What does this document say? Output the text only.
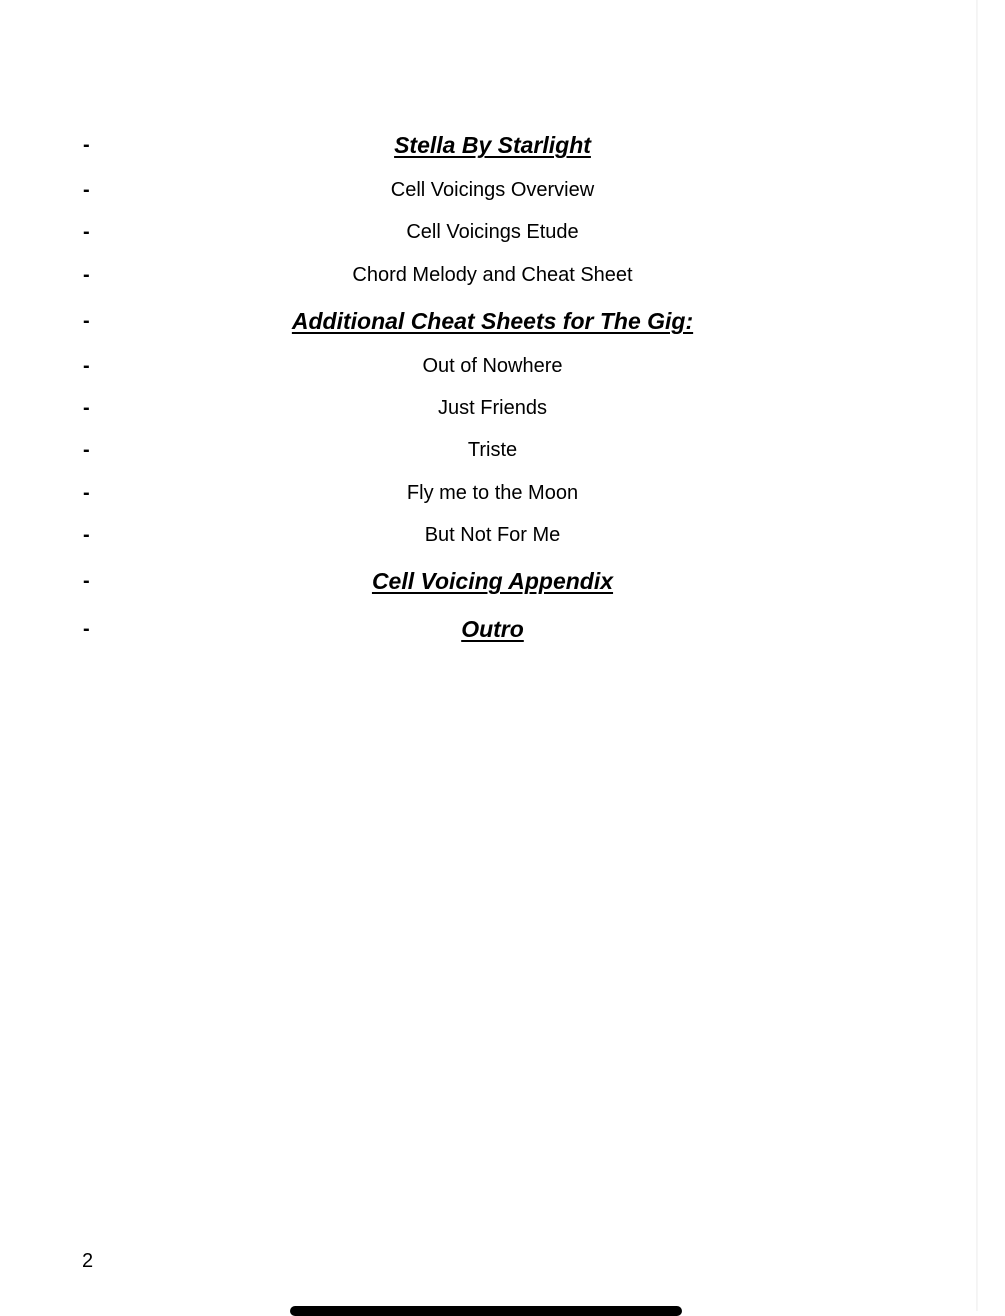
-	Stella By Starlight
-	Cell Voicings Overview
-	Cell Voicings Etude
-	Chord Melody and Cheat Sheet
-	Additional Cheat Sheets for The Gig:
-	Out of Nowhere
-	Just Friends
-	Triste
-	Fly me to the Moon
-	But Not For Me
-	Cell Voicing Appendix
-	Outro
2
